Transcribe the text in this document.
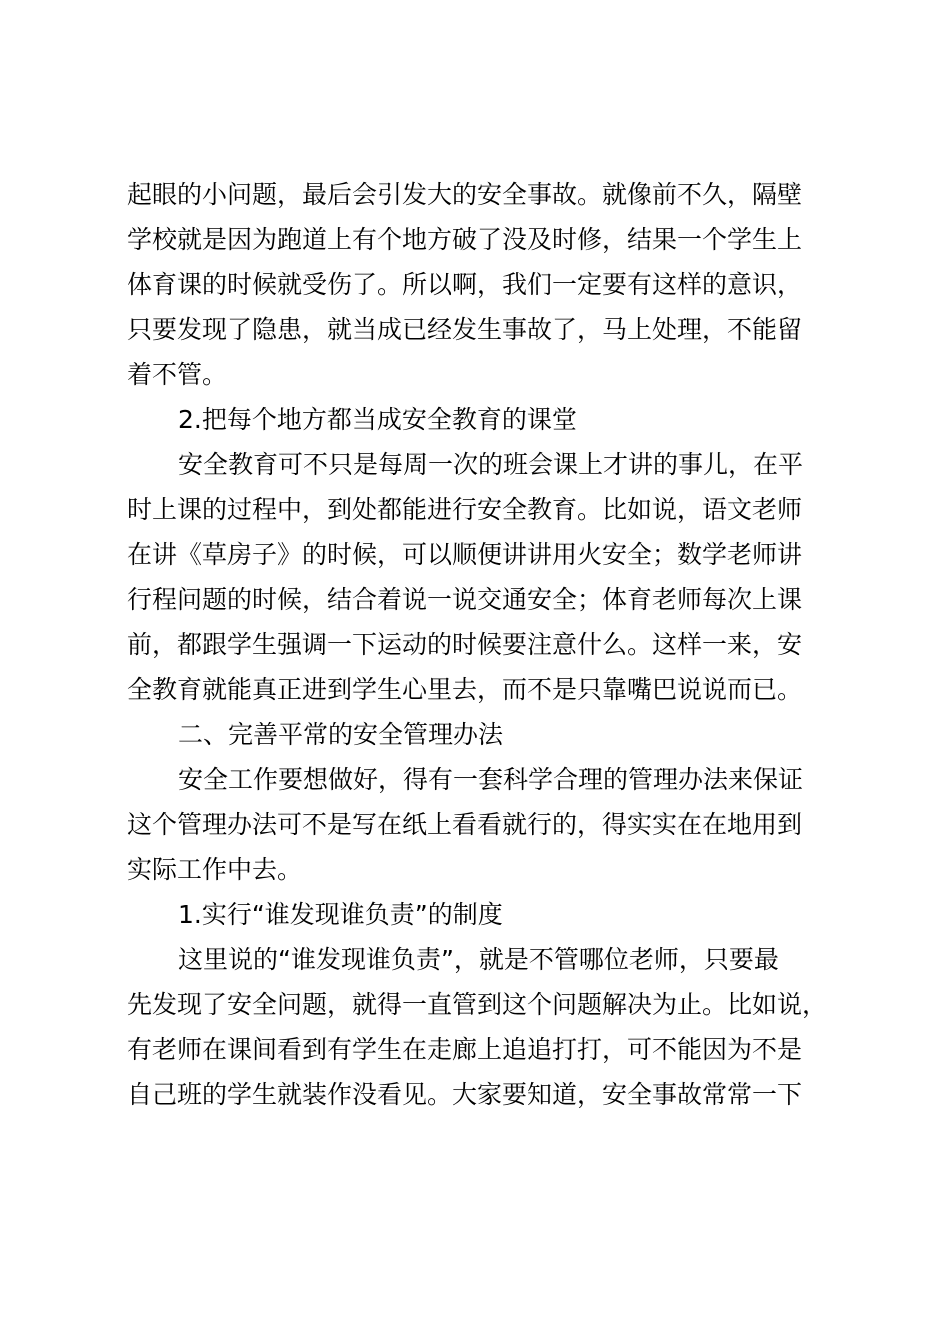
起眼的小问题，最后会引发大的安全事故。就像前不久，隔壁
学校就是因为跑道上有个地方破了没及时修，结果一个学生上
体育课的时候就受伤了。所以啊，我们一定要有这样的意识，
只要发现了隐患，就当成已经发生事故了，马上处理，不能留
着不管。
2.把每个地方都当成安全教育的课堂
安全教育可不只是每周一次的班会课上才讲的事儿，在平
时上课的过程中，到处都能进行安全教育。比如说，语文老师
在讲《草房子》的时候，可以顺便讲讲用火安全；数学老师讲
行程问题的时候，结合着说一说交通安全；体育老师每次上课
前，都跟学生强调一下运动的时候要注意什么。这样一来，安
全教育就能真正进到学生心里去，而不是只靠嘴巴说说而已。
二、完善平常的安全管理办法
安全工作要想做好，得有一套科学合理的管理办法来保证
这个管理办法可不是写在纸上看看就行的，得实实在在地用到
实际工作中去。
1.实行“谁发现谁负责”的制度
这里说的“谁发现谁负责”，就是不管哪位老师，只要最
先发现了安全问题，就得一直管到这个问题解决为止。比如说，
有老师在课间看到有学生在走廊上追追打打，可不能因为不是
自己班的学生就装作没看见。大家要知道，安全事故常常一下
